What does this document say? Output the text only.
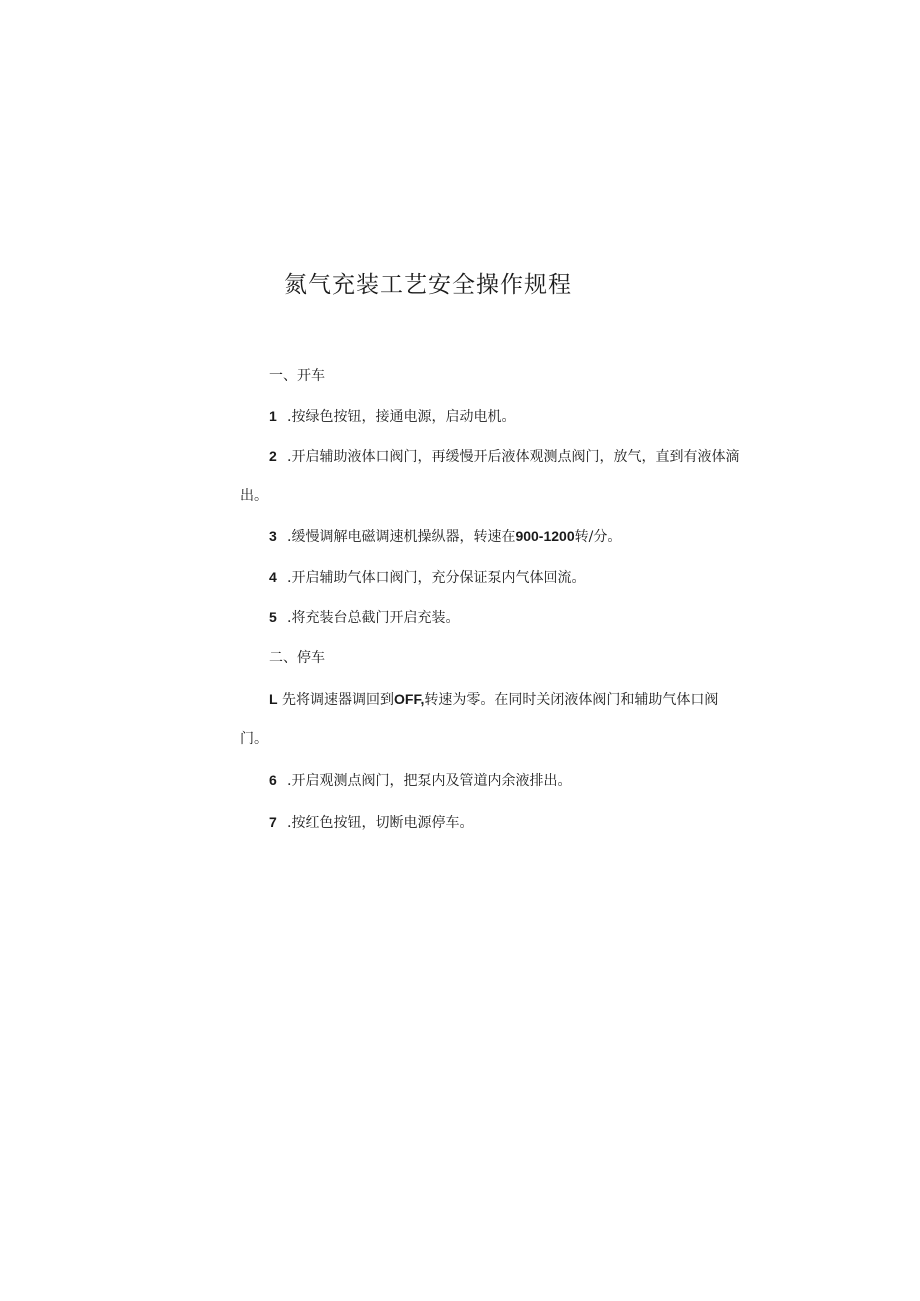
氮气充装工艺安全操作规程
一、开车
1 .按绿色按钮，接通电源，启动电机。
2 .开启辅助液体口阀门，再缓慢开后液体观测点阀门，放气，直到有液体滴
出。
3 .缓慢调解电磁调速机操纵器，转速在900-1200转/分。
4 .开启辅助气体口阀门，充分保证泵内气体回流。
5 .将充装台总截门开启充装。
二、停车
L 先将调速器调回到OFF,转速为零。在同时关闭液体阀门和辅助气体口阀
门。
6 .开启观测点阀门，把泵内及管道内余液排出。
7 .按红色按钮，切断电源停车。
